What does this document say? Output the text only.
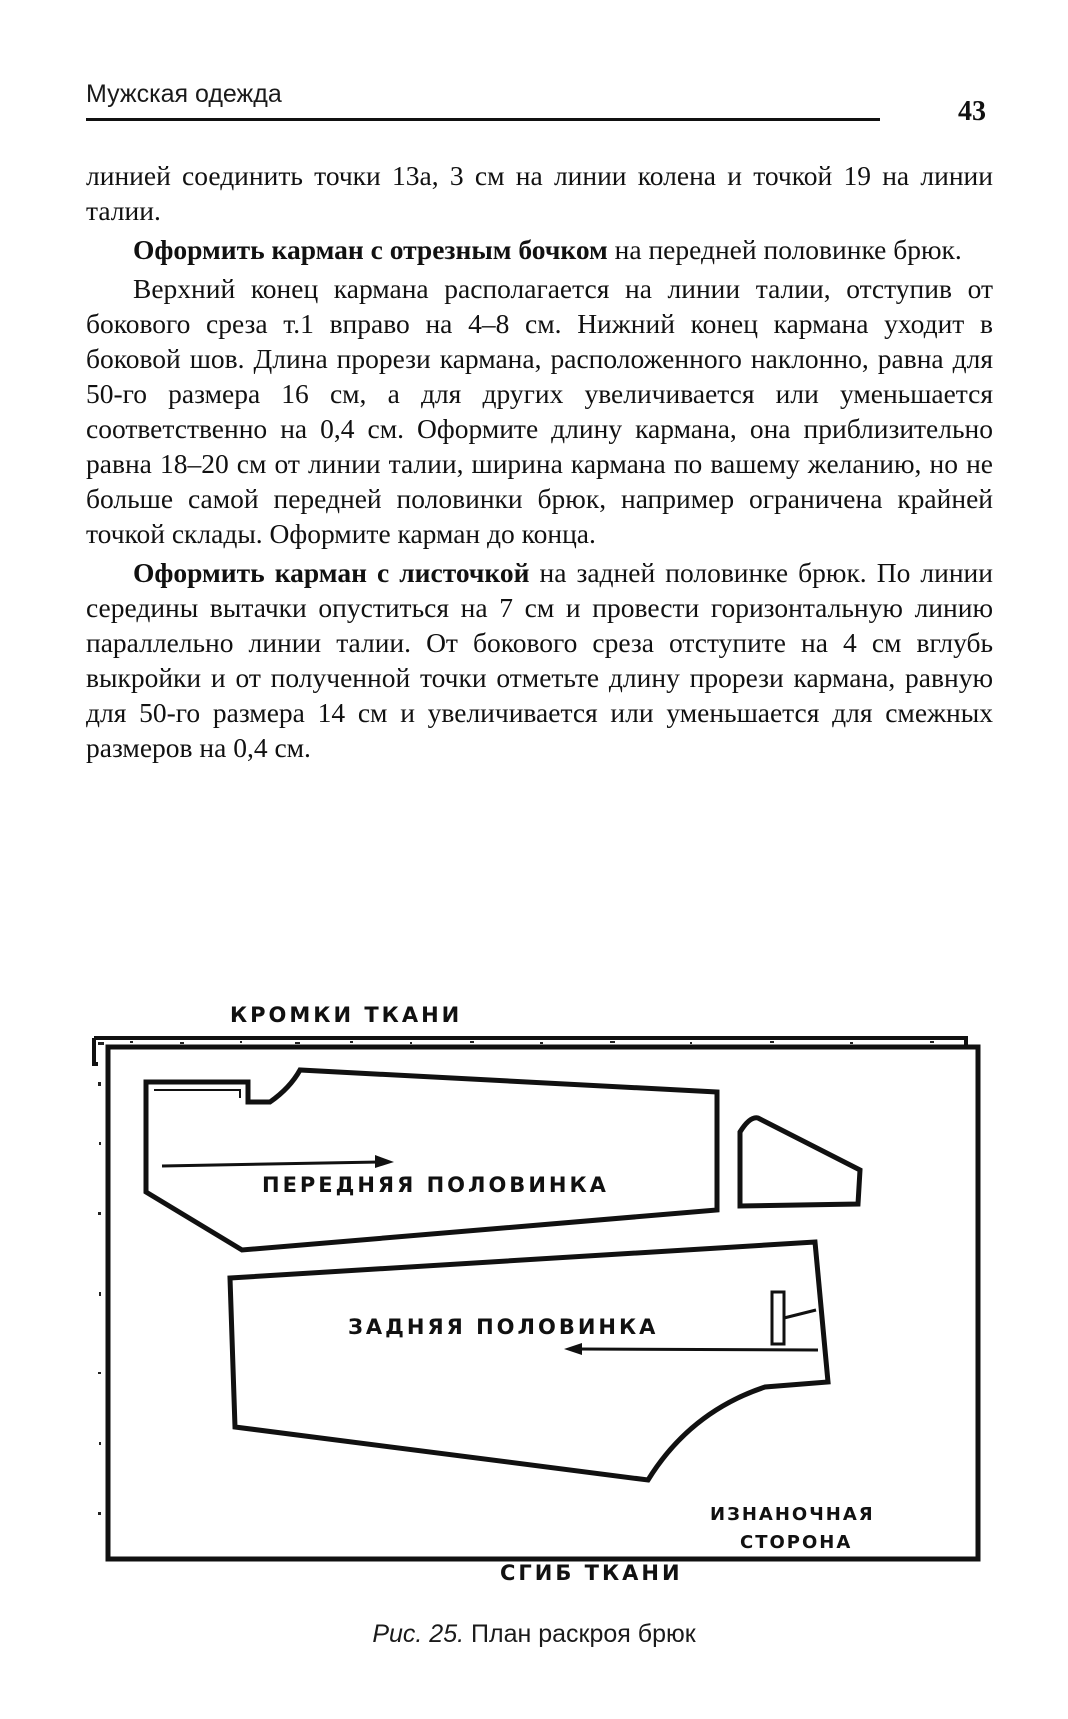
Мужская одежда
43

линией соединить точки 13а, 3 см на линии колена и точкой 19 на линии талии.

Оформить карман с отрезным бочком на передней половинке брюк.

Верхний конец кармана располагается на линии талии, отступив от бокового среза т.1 вправо на 4–8 см. Нижний конец кармана уходит в боковой шов. Длина прорези кармана, расположенного наклонно, равна для 50-го размера 16 см, а для других увеличивается или уменьшается соответственно на 0,4 см. Оформите длину кармана, она приблизительно равна 18–20 см от линии талии, ширина кармана по вашему желанию, но не больше самой передней половинки брюк, например ограничена крайней точкой склады. Оформите карман до конца.

Оформить карман с листочкой на задней половинке брюк. По линии середины вытачки опуститься на 7 см и провести горизонтальную линию параллельно линии талии. От бокового среза отступите на 4 см вглубь выкройки и от полученной точки отметьте длину прорези кармана, равную для 50-го размера 14 см и увеличивается или уменьшается для смежных размеров на 0,4 см.

КРОМКИ ТКАНИ
ПЕРЕДНЯЯ ПОЛОВИНКА
ЗАДНЯЯ ПОЛОВИНКА
ИЗНАНОЧНАЯ
СТОРОНА
СГИБ ТКАНИ
Рис. 25. План раскроя брюк
